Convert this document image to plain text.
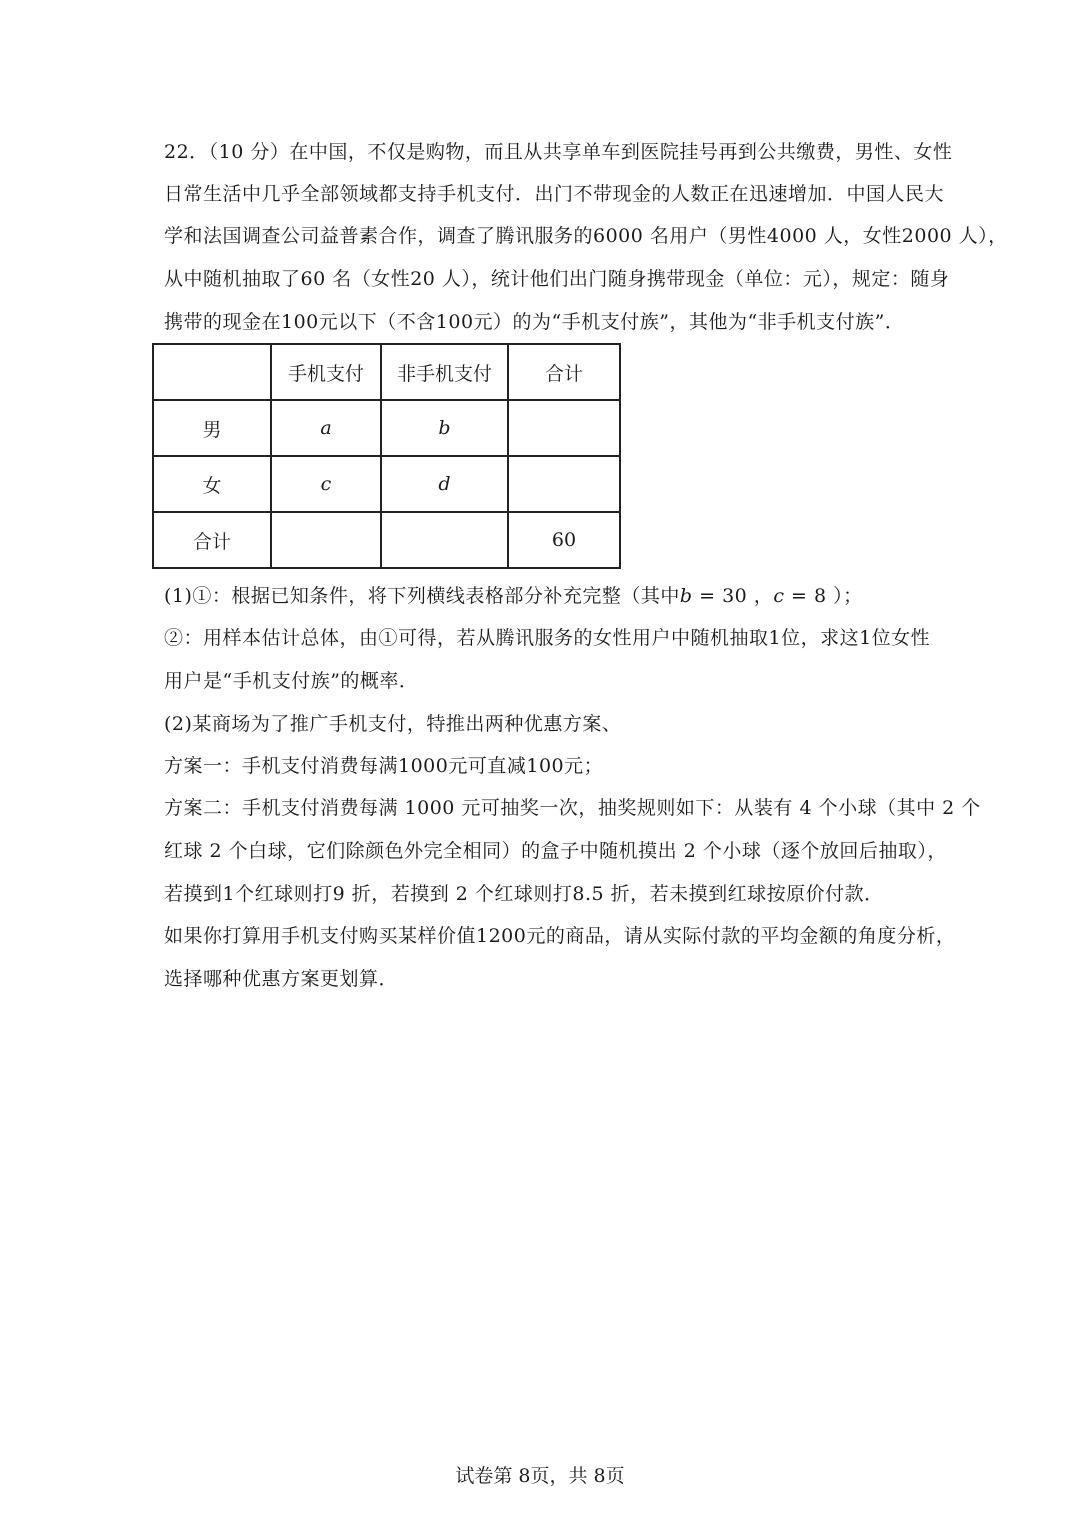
22．（10 分）在中国，不仅是购物，而且从共享单车到医院挂号再到公共缴费，男性、女性
日常生活中几乎全部领域都支持手机支付．出门不带现金的人数正在迅速增加．中国人民大
学和法国调查公司益普素合作，调查了腾讯服务的6000 名用户（男性4000 人，女性2000 人），
从中随机抽取了60 名（女性20 人），统计他们出门随身携带现金（单位：元），规定：随身
携带的现金在100元以下（不含100元）的为“手机支付族”，其他为“非手机支付族”．
	手机支付	非手机支付	合计
男	a	b	
女	c	d	
合计			60
(1)①：根据已知条件，将下列横线表格部分补充完整（其中b = 30 ，c = 8 ）；
②：用样本估计总体，由①可得，若从腾讯服务的女性用户中随机抽取1位，求这1位女性
用户是“手机支付族”的概率．
(2)某商场为了推广手机支付，特推出两种优惠方案、
方案一：手机支付消费每满1000元可直减100元；
方案二：手机支付消费每满 1000 元可抽奖一次，抽奖规则如下：从装有 4 个小球（其中 2 个
红球 2 个白球，它们除颜色外完全相同）的盒子中随机摸出 2 个小球（逐个放回后抽取），
若摸到1个红球则打9 折，若摸到 2 个红球则打8.5 折，若未摸到红球按原价付款．
如果你打算用手机支付购买某样价值1200元的商品，请从实际付款的平均金额的角度分析，
选择哪种优惠方案更划算．
试卷第 8页，共 8页
